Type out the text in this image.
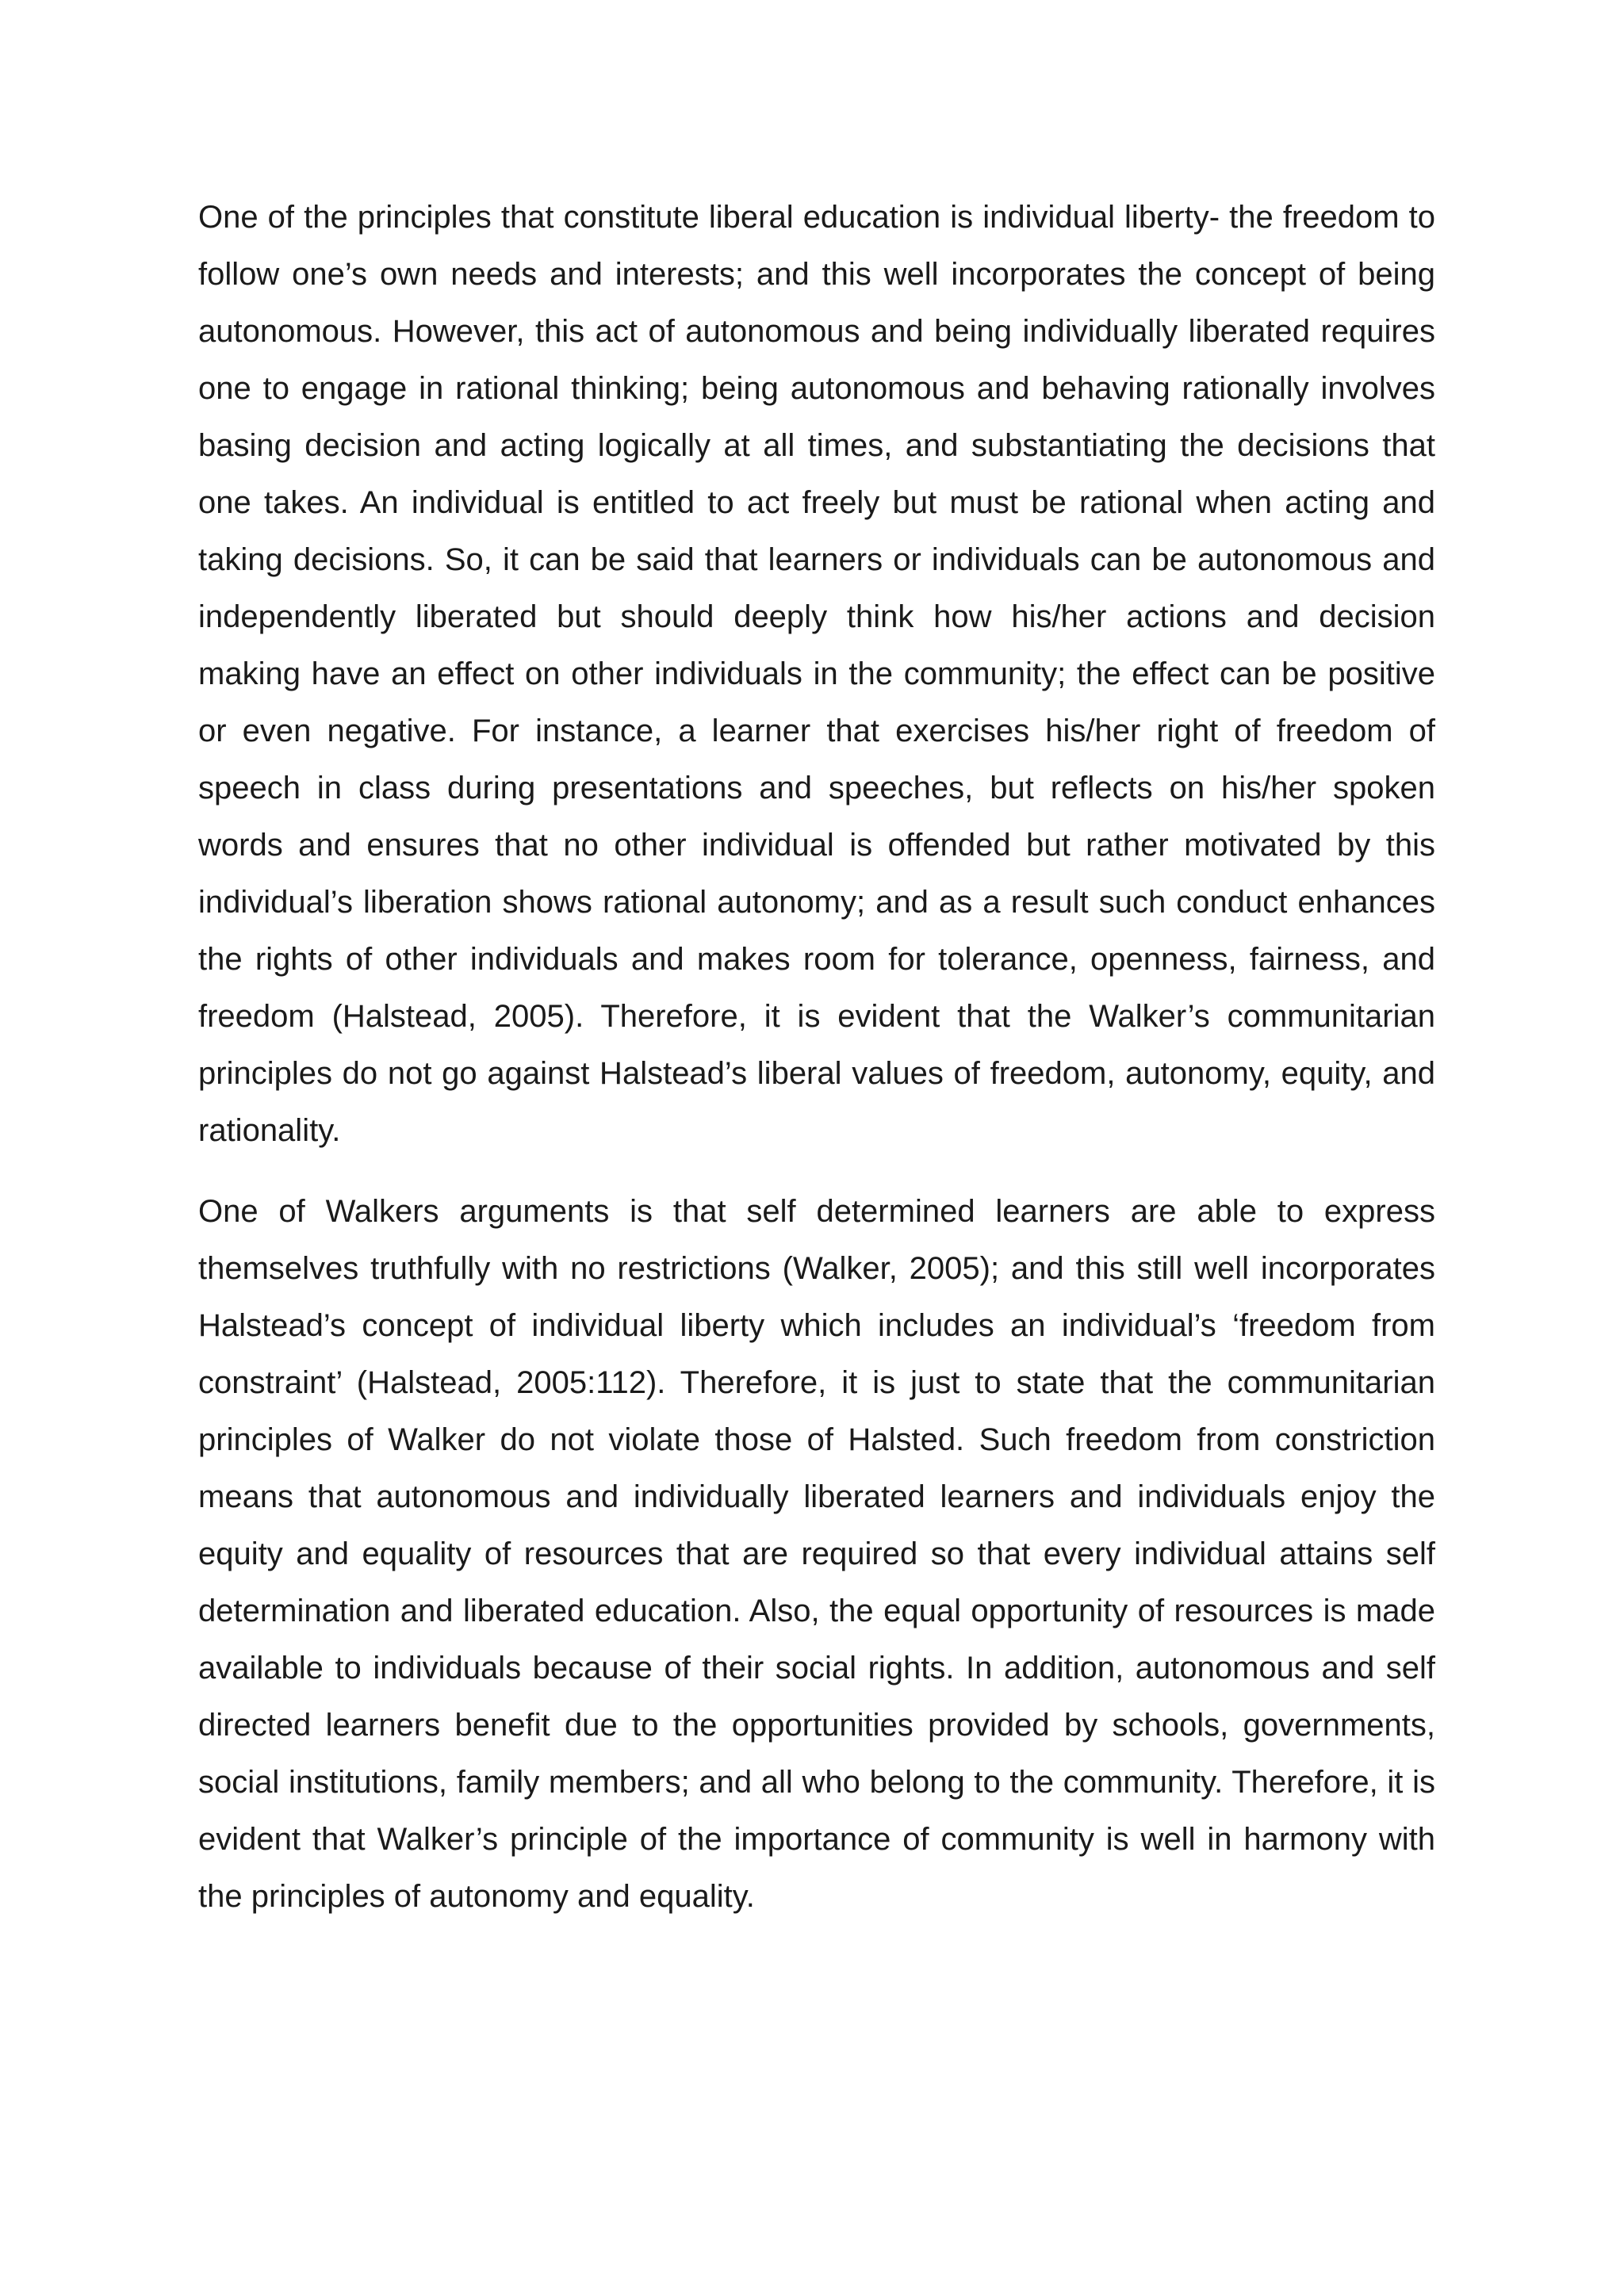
One of the principles that constitute liberal education is individual liberty- the freedom to follow one’s own needs and interests; and this well incorporates the concept of being autonomous. However, this act of autonomous and being individually liberated requires one to engage in rational thinking; being autonomous and behaving rationally involves basing decision and acting logically at all times, and substantiating the decisions that one takes. An individual is entitled to act freely but must be rational when acting and taking decisions. So, it can be said that learners or individuals can be autonomous and independently liberated but should deeply think how his/her actions and decision making have an effect on other individuals in the community; the effect can be positive or even negative. For instance, a learner that exercises his/her right of freedom of speech in class during presentations and speeches, but reflects on his/her spoken words and ensures that no other individual is offended but rather motivated by this individual’s liberation shows rational autonomy; and as a result such conduct enhances the rights of other individuals and makes room for tolerance, openness, fairness, and freedom (Halstead, 2005). Therefore, it is evident that the Walker’s communitarian principles do not go against Halstead’s liberal values of freedom, autonomy, equity, and rationality.

One of Walkers arguments is that self determined learners are able to express themselves truthfully with no restrictions (Walker, 2005); and this still well incorporates Halstead’s concept of individual liberty which includes an individual’s ‘freedom from constraint’ (Halstead, 2005:112). Therefore, it is just to state that the communitarian principles of Walker do not violate those of Halsted. Such freedom from constriction means that autonomous and individually liberated learners and individuals enjoy the equity and equality of resources that are required so that every individual attains self determination and liberated education. Also, the equal opportunity of resources is made available to individuals because of their social rights. In addition, autonomous and self directed learners benefit due to the opportunities provided by schools, governments, social institutions, family members; and all who belong to the community. Therefore, it is evident that Walker’s principle of the importance of community is well in harmony with the principles of autonomy and equality.
